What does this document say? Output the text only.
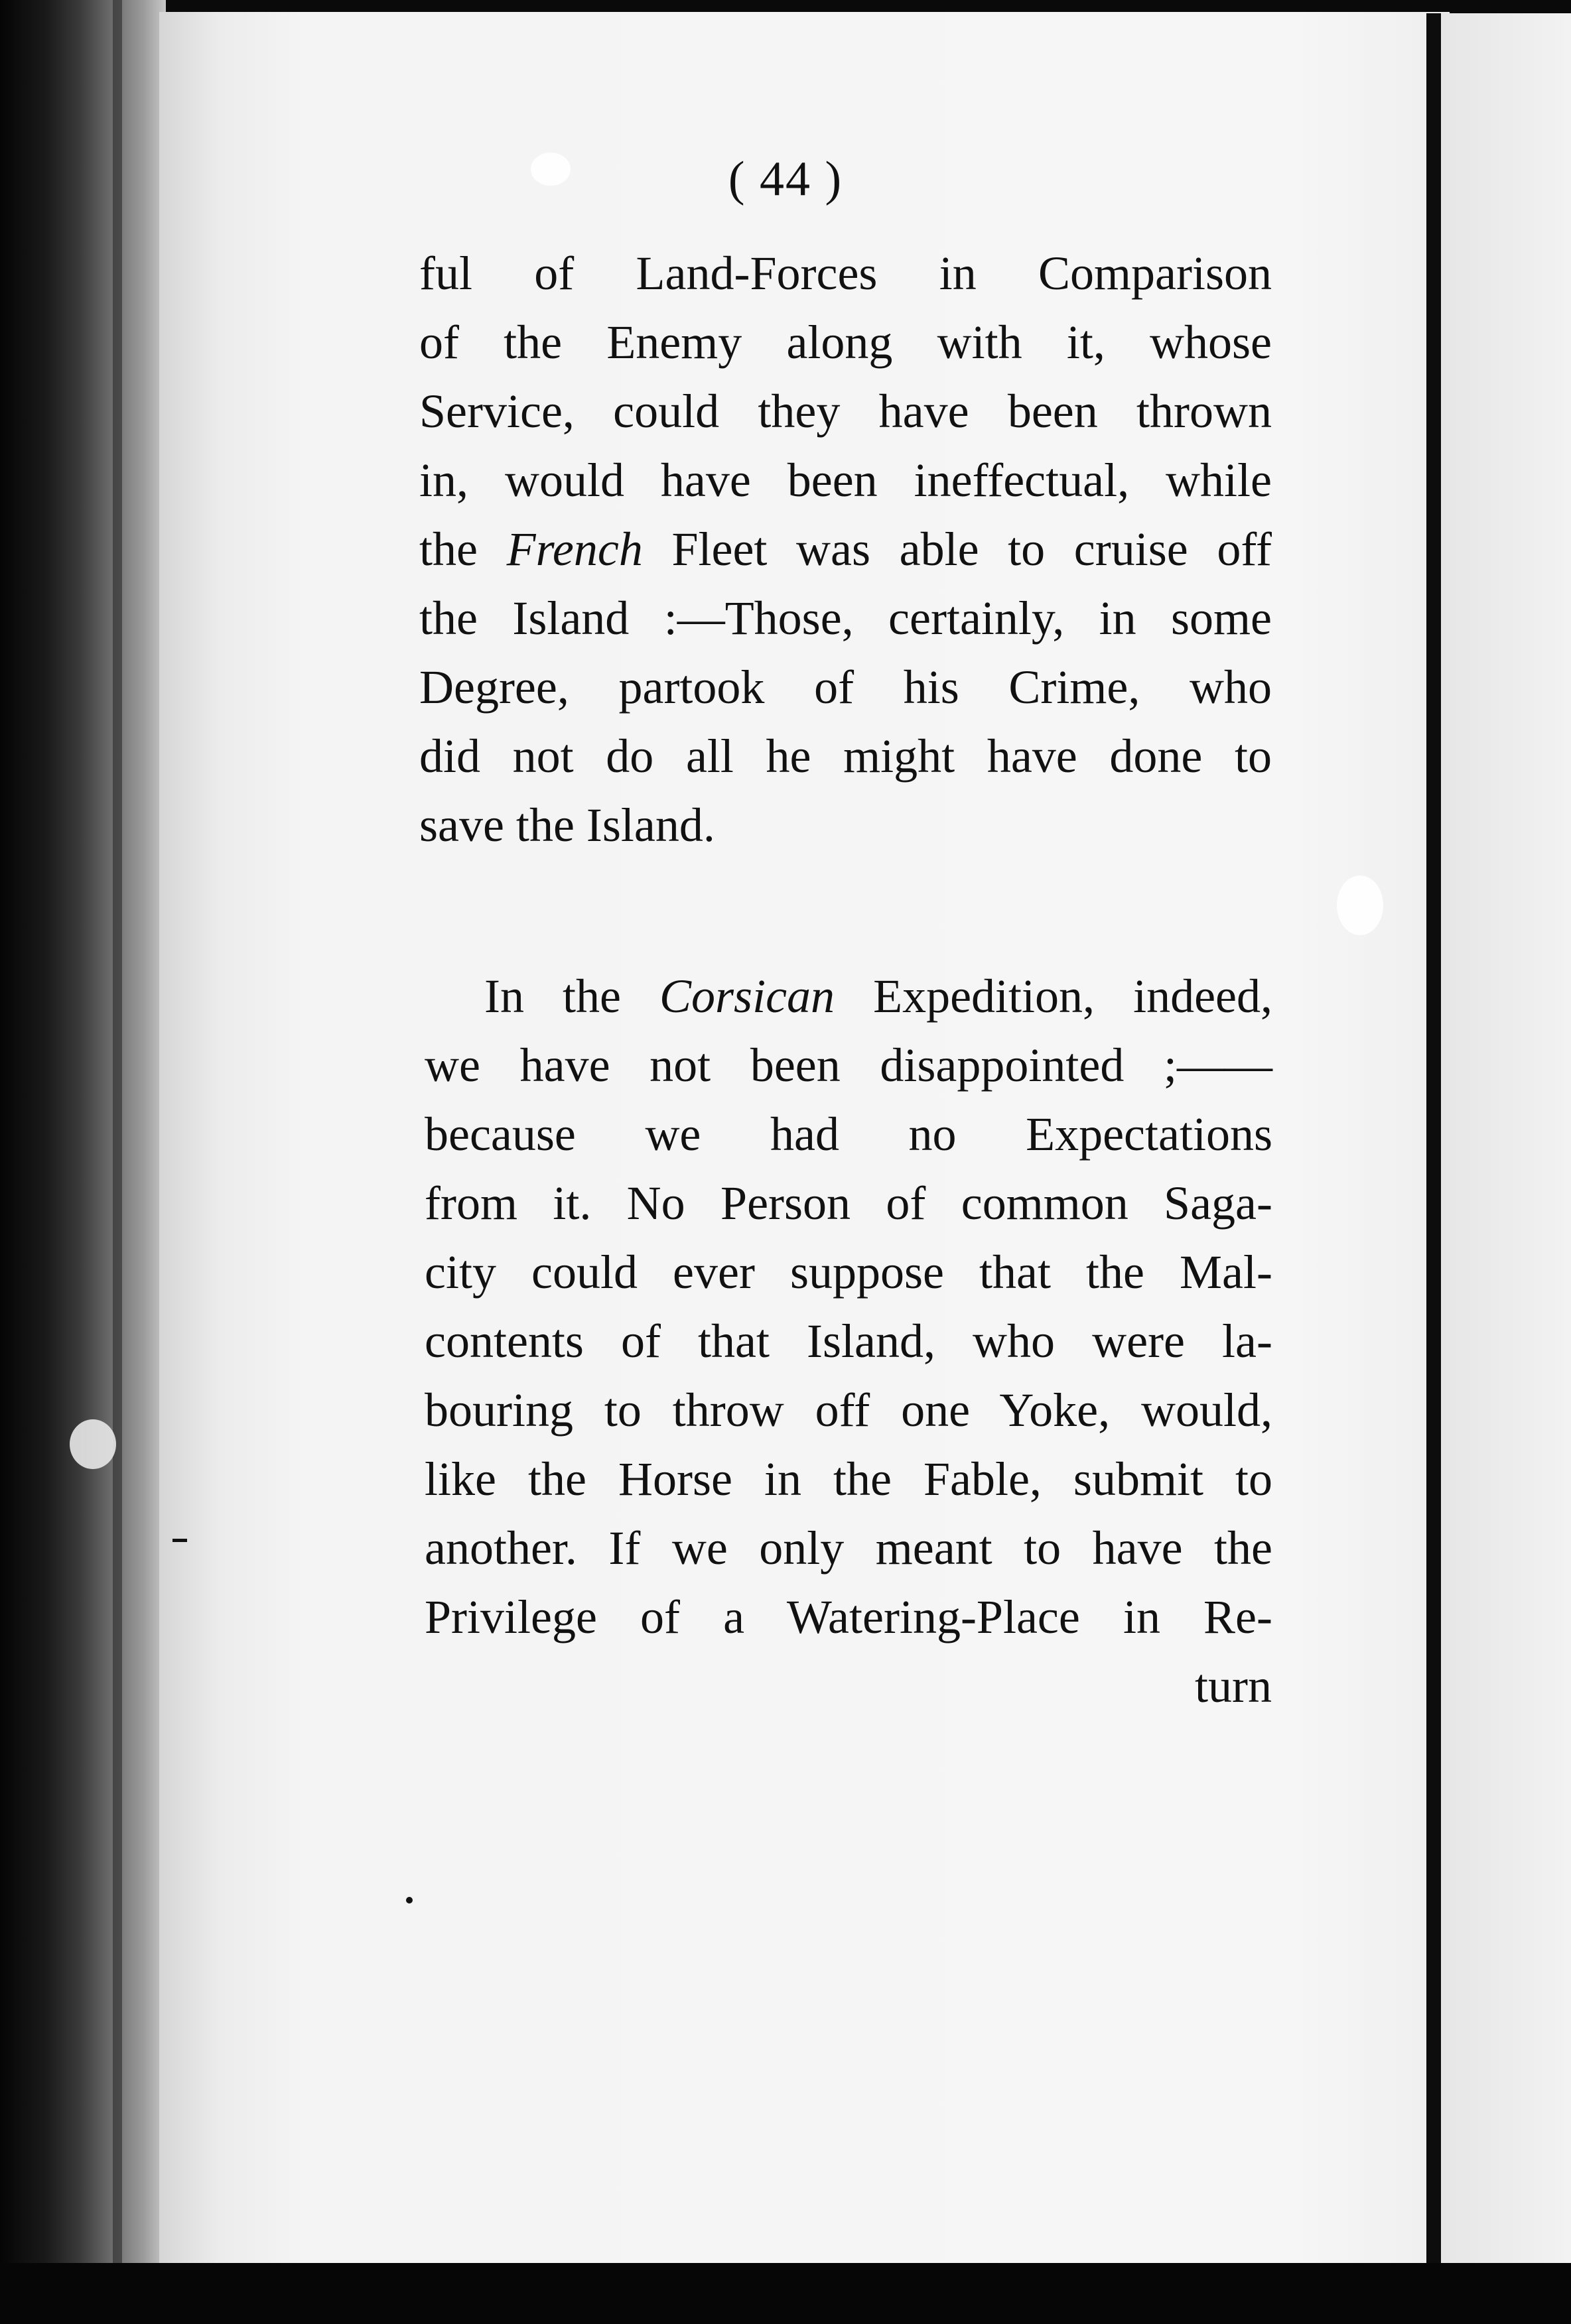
( 44 )
ful of Land-Forces in Comparison
of the Enemy along with it, whose
Service, could they have been thrown
in, would have been ineffectual, while
the French Fleet was able to cruise off
the Island :—Those, certainly, in some
Degree, partook of his Crime, who
did not do all he might have done to
save the Island.
In the Corsican Expedition, indeed,
we have not been disappointed ;——
because we had no Expectations
from it. No Person of common Saga-
city could ever suppose that the Mal-
contents of that Island, who were la-
bouring to throw off one Yoke, would,
like the Horse in the Fable, submit to
another. If we only meant to have the
Privilege of a Watering-Place in Re-
turn
